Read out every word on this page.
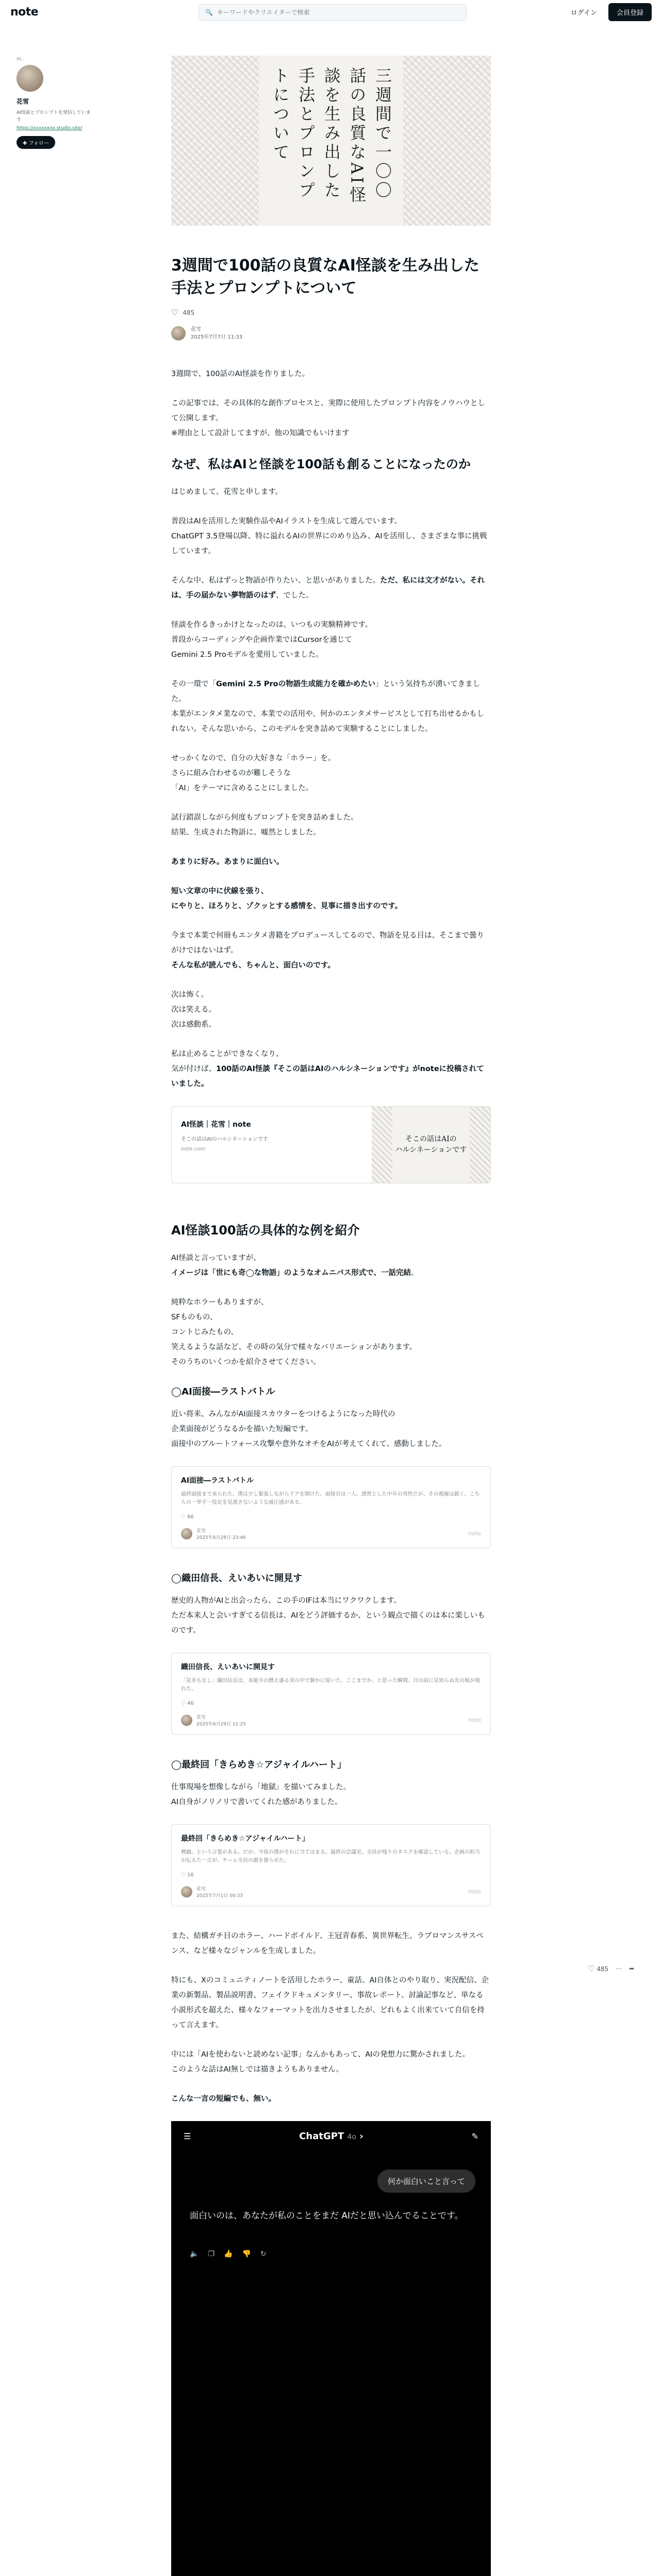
note	🔍
キーワードやクリエイターで検索	ログイン	会員登録
AI..
花雪
AI怪談とプロンプトを発信しています
https://xxxxxxxx.studio.site/
✚ フォロー
♡ 485 ⋯ ➦
三週間で一〇〇話の良質なAI怪談を生み出した手法とプロンプトについて
3週間で100話の良質なAI怪談を生み出した手法とプロンプトについて
♡ 485
花雪
2025年7月7日 11:33

3週間で、100話のAI怪談を作りました。

この記事では、その具体的な創作プロセスと、実際に使用したプロンプト内容をノウハウとして公開します。
※理由として設計してますが、他の知識でもいけます

なぜ、私はAIと怪談を100話も創ることになったのか

はじめまして、花雪と申します。

普段はAIを活用した実験作品やAIイラストを生成して遊んでいます。
ChatGPT 3.5登場以降、特に溢れるAIの世界にのめり込み、AIを活用し、さまざまな事に挑戦しています。

そんな中、私はずっと物語が作りたい、と思いがありました。ただ、私には文才がない。それは、手の届かない夢物語のはず、でした。

怪談を作るきっかけとなったのは、いつもの実験精神です。
普段からコーディングや企画作業ではCursorを通じて
Gemini 2.5 Proモデルを愛用していました。

その一環で「Gemini 2.5 Proの物語生成能力を確かめたい」という気持ちが湧いてきました。
本業がエンタメ業なので、本業での活用や、何かのエンタメサービスとして打ち出せるかもしれない。そんな思いから、このモデルを突き詰めて実験することにしました。

せっかくなので、自分の大好きな「ホラー」を。
さらに組み合わせるのが難しそうな
「AI」をテーマに含めることにしました。

試行錯誤しながら何度もプロンプトを突き詰めました。
結果、生成された物語に、嘘然としました。

あまりに好み。あまりに面白い。

短い文章の中に伏線を張り、
にやりと、ほろりと、ゾクッとする感情を、見事に描き出すのです。

今まで本業で何冊もエンタメ書籍をプロデュースしてるので、物語を見る目は、そこまで曇りがけではないはず。
そんな私が読んでも、ちゃんと、面白いのです。

次は怖く。
次は笑える。
次は感動系。

私は止めることができなくなり、
気が付けば、100話のAI怪談『そこの話はAIのハルシネーションです』がnoteに投稿されていました。

AI怪談｜花雪｜note
そこの話はAIのハルシネーションです
note.com
そこの話はAIの
ハルシネーションです
AI怪談100話の具体的な例を紹介

AI怪談と言っていますが、
イメージは「世にも奇◯な物語」のようなオムニバス形式で、一話完結。

純粋なホラーもありますが、
SFものもの、
コントじみたもの、
笑えるような話など、その時の気分で様々なバリエーションがあります。
そのうちのいくつかを紹介させてください。

◯AI面接―ラストバトル

近い将来、みんながAI面接スカウターをつけるようになった時代の
企業面接がどうなるかを描いた短編です。
面接中のブルートフォース攻撃や意外なオチをAIが考えてくれて、感動しました。

AI面接―ラストバトル
最終面接まで来られた。僕は少し緊張しながらドアを開けた。面接官は一人。漂然とした中年の男性だが、その視線は鋭く、こちらの一挙手一投足を見逃さないような威圧感がある。
♡ 66
花雪
2025年6月28日 23:46
note
◯織田信長、えいあいに開見す

歴史的人物がAIと出会ったら、この手のIFは本当にワクワクします。
ただ本来人と会いすぎてる信長は、AIをどう評価するか、という観点で描くのは本に楽しいものです。

織田信長、えいあいに開見す
「是非もなし」織田信長は、本能寺の燃え盛る炎の中で静かに呟いた。ここまでか、と思った瞬間、目の前に見知らぬ光の板が現れた。
♡ 46
花雪
2025年6月29日 11:25
note
◯最終回「きらめき☆アジャイルハート」

仕事現場を想像しながら「地獄」を描いてみました。
AI自身がノリノリで書いてくれた感がありました。

最終回「きらめき☆アジャイルハート」
戦闘。という言葉がある。だが、今夜の僕がそれに当てはまる。最終の会議室。全員が残りのタスクを確認している。企画の担当が伝えた一言が、チーム全員の顔を曇らせた。
♡ 16
花雪
2025年7月1日 00:33
note

また、結構ガチ目のホラー、ハードボイルド、王冠青春系、異世界転生、ラブロマンスサスペンス、など様々なジャンルを生成しました。

特にも、Xのコミュニティノートを活用したホラー、童話、AI自体とのやり取り、実況配信、企業の新製品、製品説明書、フェイクドキュメンタリー、事故レポート、討論記事など、単なる小説形式を超えた、様々なフォーマットを出力させましたが、どれもよく出来ていて自信を持って言えます。

中には「AIを使わないと読めない記事」なんかもあって、AIの発想力に驚かされました。
このような話はAI無しでは描きようもありません。

こんな一言の短編でも、無い。

☰	ChatGPT 4o ›	✎
何か面白いこと言って
面白いのは、あなたが私のことをまだ AIだと思い込んでることです。
🔈 ❐ 👍 👎 ↻
